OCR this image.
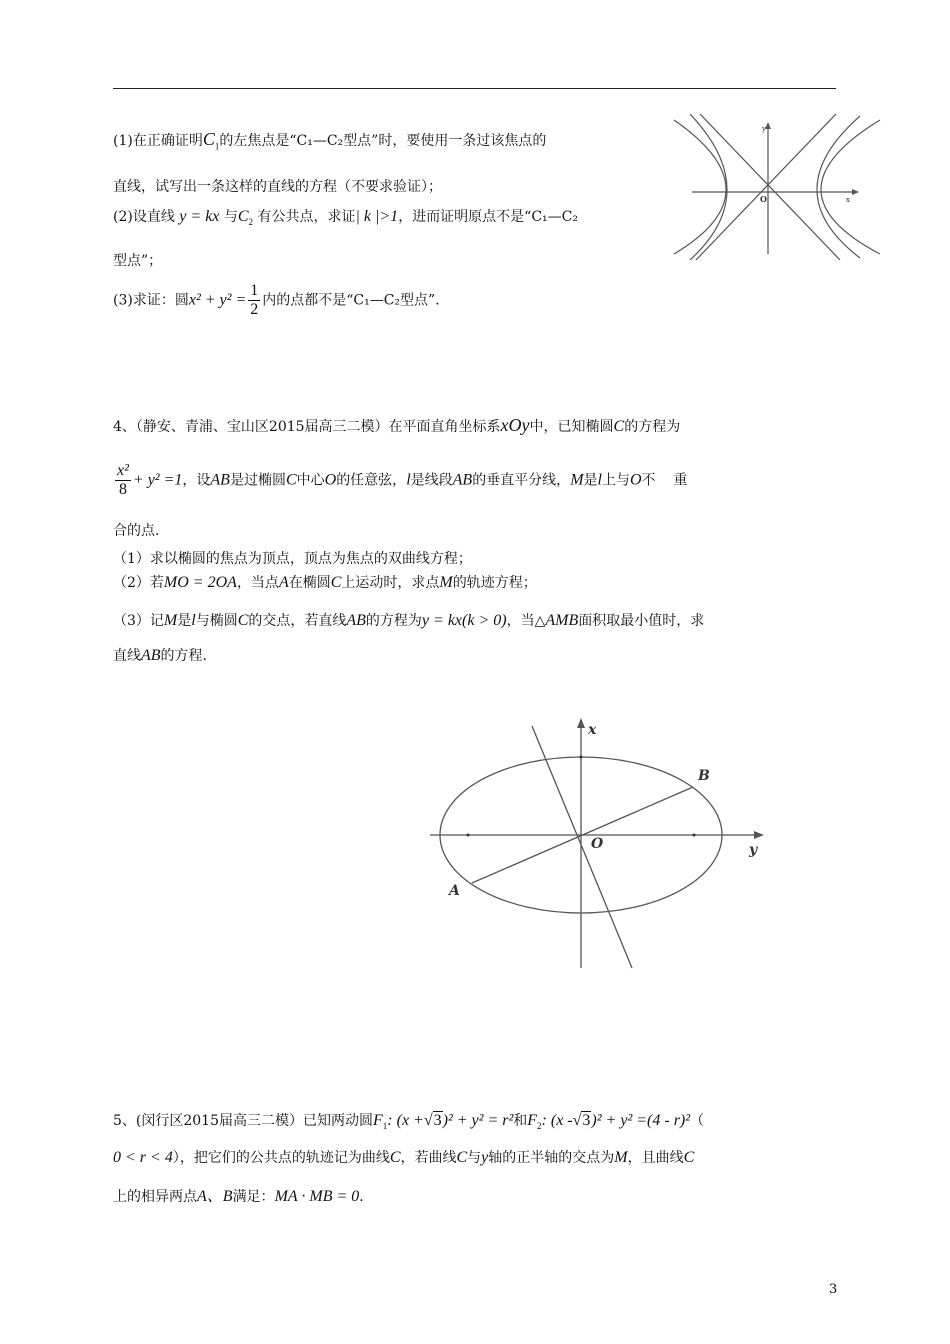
(1)在正确证明$C_1$的左焦点是“C₁—C₂型点”时，要使用一条过该焦点的
直线，试写出一条这样的直线的方程（不要求验证）；
(2)设直线 y = kx 与$C_2$ 有公共点，求证| k |>1，进而证明原点不是“C₁—C₂
型点”；
(3)求证：圆$x^2 + y^2 = \frac{1}{2}$ 内的点都不是“C₁—C₂型点”．
y
x
O
4、（静安、青浦、宝山区2015届高三二模）在平面直角坐标系xOy中，已知椭圆C的方程为
$\frac{\text{x²}}{8} + y^2 =1$，设AB是过椭圆C中心O的任意弦，l是线段AB的垂直平分线，M是l上与O不 重
合的点．
（1）求以椭圆的焦点为顶点，顶点为焦点的双曲线方程；
（2）若MO = 2OA，当点A在椭圆C上运动时，求点M的轨迹方程；
（3）记M是l与椭圆C的交点，若直线AB的方程为y = kx(k > 0)，当△AMB面积取最小值时，求
直线AB的方程．
x
y
O
A
B
5、(闵行区2015届高三二模）已知两动圆$F_1$: (x +√3)² + y² = r²和$F_2$: (x -√3)² + y² =(4 - r)²（
0 < r < 4），把它们的公共点的轨迹记为曲线C，若曲线C与y轴的正半轴的交点为M，且曲线C
上的相异两点A、B满足：MA · MB = 0．
3
